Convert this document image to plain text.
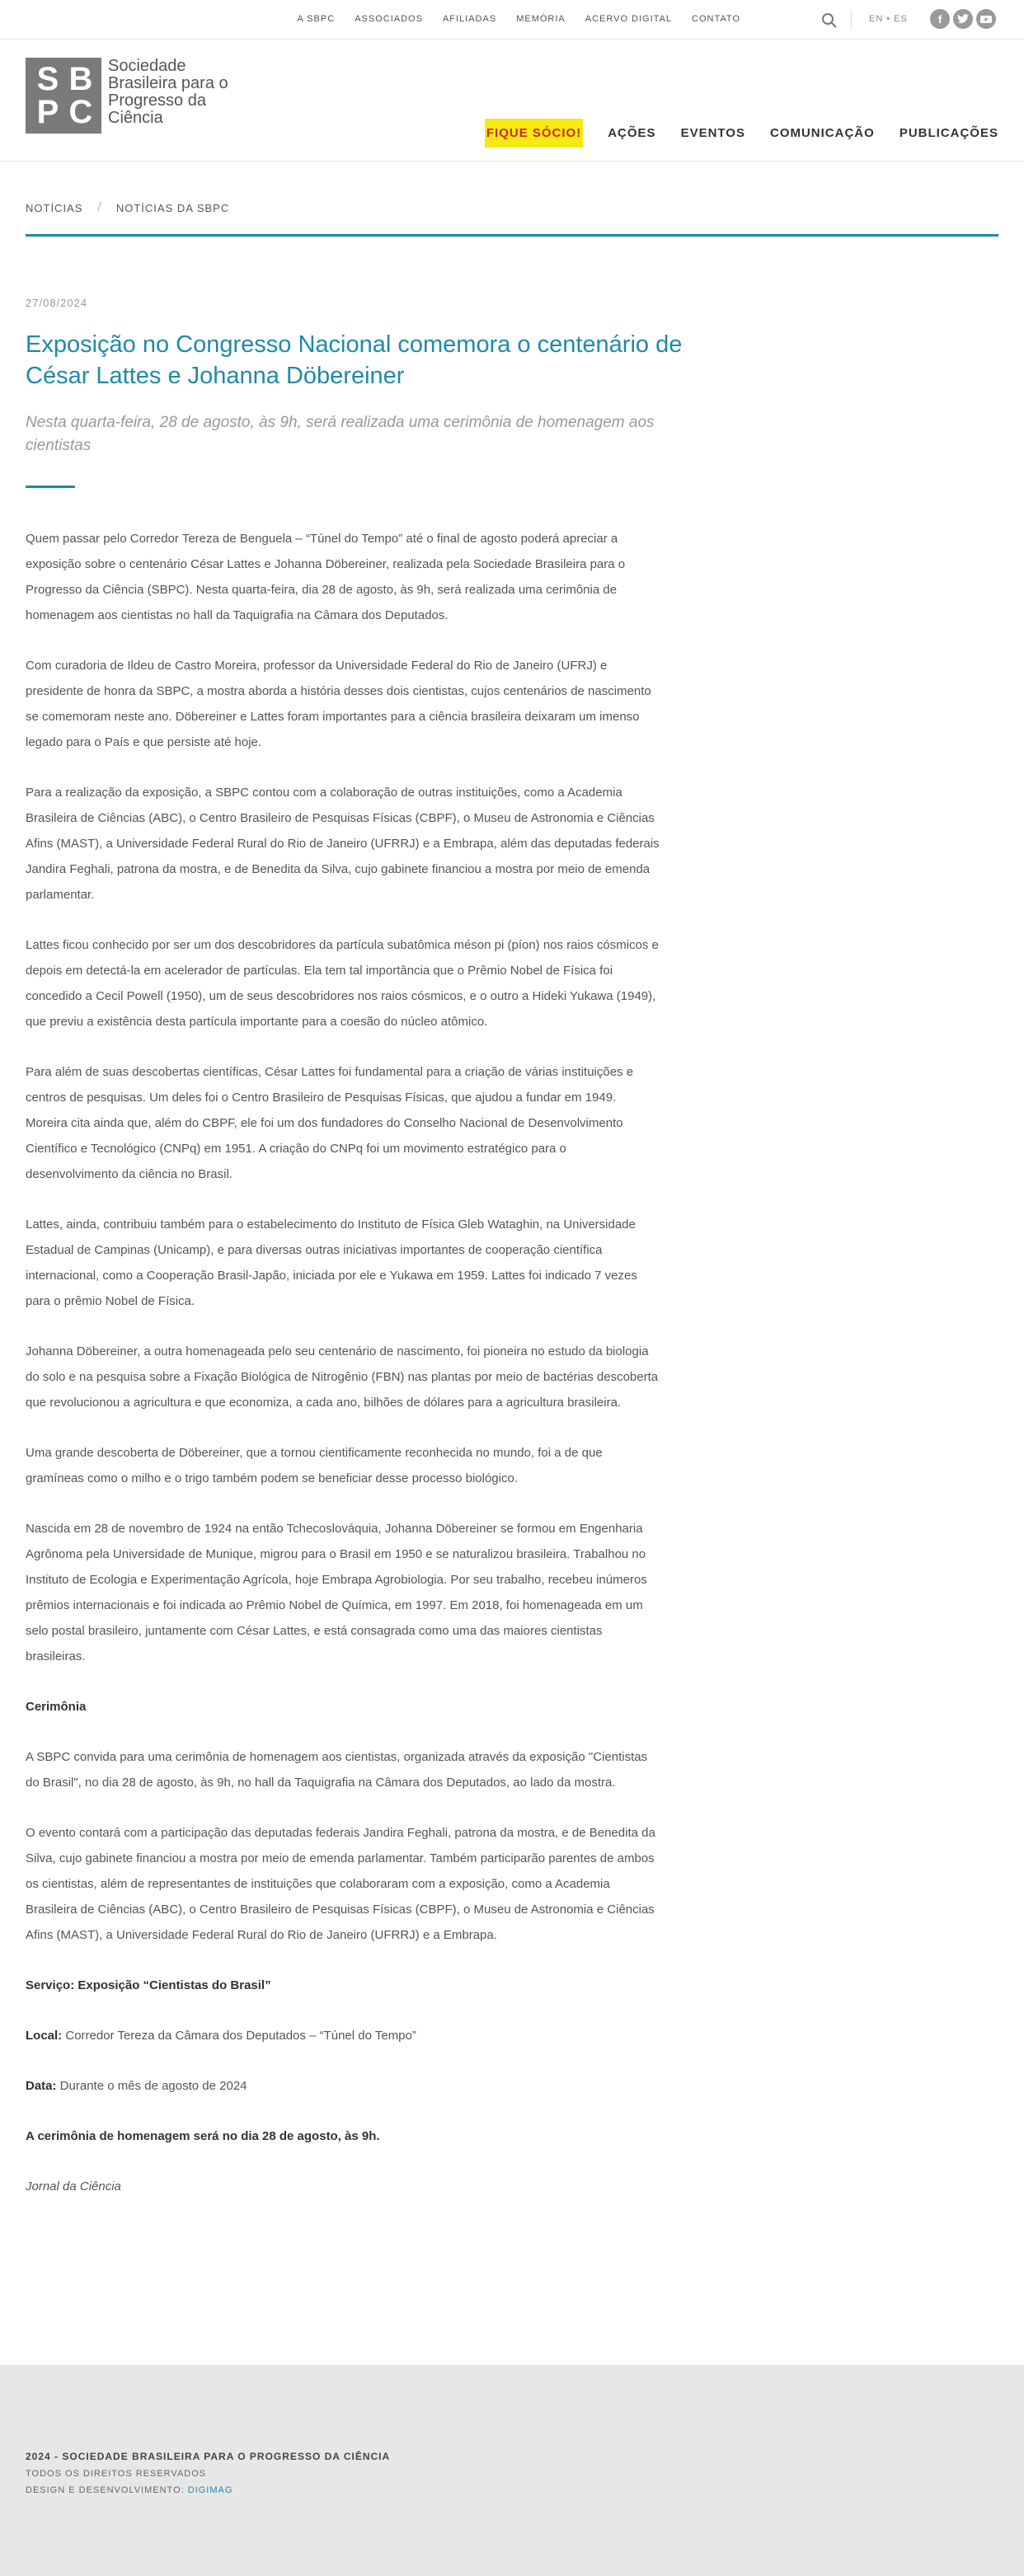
A SBPC ASSOCIADOS AFILIADAS MEMÓRIA ACERVO DIGITAL CONTATO	EN • ES	f
S B
P C
Sociedade
Brasileira para o
Progresso da
Ciência
FIQUE SÓCIO! AÇÕES EVENTOS COMUNICAÇÃO PUBLICAÇÕES
NOTÍCIAS / NOTÍCIAS DA SBPC
27/08/2024
Exposição no Congresso Nacional comemora o centenário de César Lattes e Johanna Döbereiner
Nesta quarta-feira, 28 de agosto, às 9h, será realizada uma cerimônia de homenagem aos cientistas

Quem passar pelo Corredor Tereza de Benguela – “Túnel do Tempo” até o final de agosto poderá apreciar a exposição sobre o centenário César Lattes e Johanna Döbereiner, realizada pela Sociedade Brasileira para o Progresso da Ciência (SBPC). Nesta quarta-feira, dia 28 de agosto, às 9h, será realizada uma cerimônia de homenagem aos cientistas no hall da Taquigrafia na Câmara dos Deputados.

Com curadoria de Ildeu de Castro Moreira, professor da Universidade Federal do Rio de Janeiro (UFRJ) e presidente de honra da SBPC, a mostra aborda a história desses dois cientistas, cujos centenários de nascimento se comemoram neste ano. Döbereiner e Lattes foram importantes para a ciência brasileira deixaram um imenso legado para o País e que persiste até hoje.

Para a realização da exposição, a SBPC contou com a colaboração de outras instituições, como a Academia Brasileira de Ciências (ABC), o Centro Brasileiro de Pesquisas Físicas (CBPF), o Museu de Astronomia e Ciências Afins (MAST), a Universidade Federal Rural do Rio de Janeiro (UFRRJ) e a Embrapa, além das deputadas federais Jandira Feghali, patrona da mostra, e de Benedita da Silva, cujo gabinete financiou a mostra por meio de emenda parlamentar.

Lattes ficou conhecido por ser um dos descobridores da partícula subatômica méson pi (píon) nos raios cósmicos e depois em detectá-la em acelerador de partículas. Ela tem tal importância que o Prêmio Nobel de Física foi concedido a Cecil Powell (1950), um de seus descobridores nos raios cósmicos, e o outro a Hideki Yukawa (1949), que previu a existência desta partícula importante para a coesão do núcleo atômico.

Para além de suas descobertas científicas, César Lattes foi fundamental para a criação de várias instituições e centros de pesquisas. Um deles foi o Centro Brasileiro de Pesquisas Físicas, que ajudou a fundar em 1949. Moreira cita ainda que, além do CBPF, ele foi um dos fundadores do Conselho Nacional de Desenvolvimento Científico e Tecnológico (CNPq) em 1951. A criação do CNPq foi um movimento estratégico para o desenvolvimento da ciência no Brasil.

Lattes, ainda, contribuiu também para o estabelecimento do Instituto de Física Gleb Wataghin, na Universidade Estadual de Campinas (Unicamp), e para diversas outras iniciativas importantes de cooperação científica internacional, como a Cooperação Brasil-Japão, iniciada por ele e Yukawa em 1959. Lattes foi indicado 7 vezes para o prêmio Nobel de Física.

Johanna Döbereiner, a outra homenageada pelo seu centenário de nascimento, foi pioneira no estudo da biologia do solo e na pesquisa sobre a Fixação Biológica de Nitrogênio (FBN) nas plantas por meio de bactérias descoberta que revolucionou a agricultura e que economiza, a cada ano, bilhões de dólares para a agricultura brasileira.

Uma grande descoberta de Döbereiner, que a tornou cientificamente reconhecida no mundo, foi a de que gramíneas como o milho e o trigo também podem se beneficiar desse processo biológico.

Nascida em 28 de novembro de 1924 na então Tchecoslováquia, Johanna Döbereiner se formou em Engenharia Agrônoma pela Universidade de Munique, migrou para o Brasil em 1950 e se naturalizou brasileira. Trabalhou no Instituto de Ecologia e Experimentação Agrícola, hoje Embrapa Agrobiologia. Por seu trabalho, recebeu inúmeros prêmios internacionais e foi indicada ao Prêmio Nobel de Química, em 1997. Em 2018, foi homenageada em um selo postal brasileiro, juntamente com César Lattes, e está consagrada como uma das maiores cientistas brasileiras.

Cerimônia

A SBPC convida para uma cerimônia de homenagem aos cientistas, organizada através da exposição "Cientistas do Brasil", no dia 28 de agosto, às 9h, no hall da Taquigrafia na Câmara dos Deputados, ao lado da mostra.

O evento contará com a participação das deputadas federais Jandira Feghali, patrona da mostra, e de Benedita da Silva, cujo gabinete financiou a mostra por meio de emenda parlamentar. Também participarão parentes de ambos os cientistas, além de representantes de instituições que colaboraram com a exposição, como a Academia Brasileira de Ciências (ABC), o Centro Brasileiro de Pesquisas Físicas (CBPF), o Museu de Astronomia e Ciências Afins (MAST), a Universidade Federal Rural do Rio de Janeiro (UFRRJ) e a Embrapa.

Serviço: Exposição “Cientistas do Brasil”

Local: Corredor Tereza da Câmara dos Deputados – “Túnel do Tempo”

Data: Durante o mês de agosto de 2024

A cerimônia de homenagem será no dia 28 de agosto, às 9h.

Jornal da Ciência

2024 - SOCIEDADE BRASILEIRA PARA O PROGRESSO DA CIÊNCIA
TODOS OS DIREITOS RESERVADOS
DESIGN E DESENVOLVIMENTO: DIGIMAG
